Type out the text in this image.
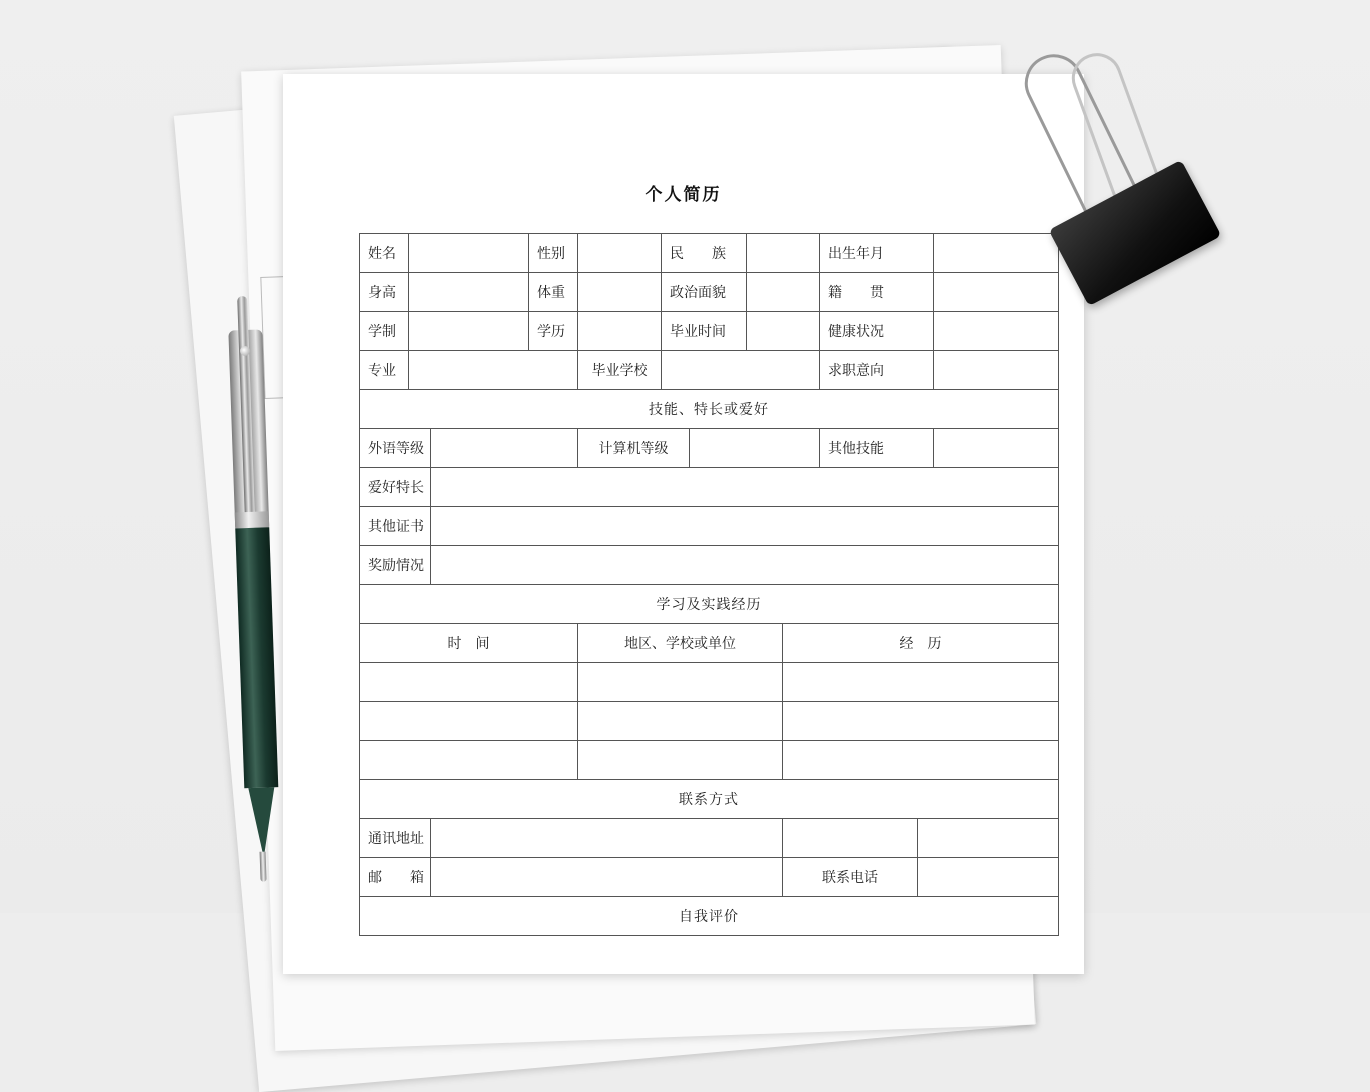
个人简历
姓名			性别		民　　族				出生年月		
身高			体重		政治面貌				籍　　贯		
学制			学历		毕业时间				健康状况		
专业				毕业学校					求职意向		
技能、特长或爱好											
外语等级				计算机等级					其他技能		
爱好特长											
其他证书											
奖励情况											
学习及实践经历											
时　间				地区、学校或单位				经　历			

联系方式											
通讯地址											
邮　　箱								联系电话			
自我评价											
